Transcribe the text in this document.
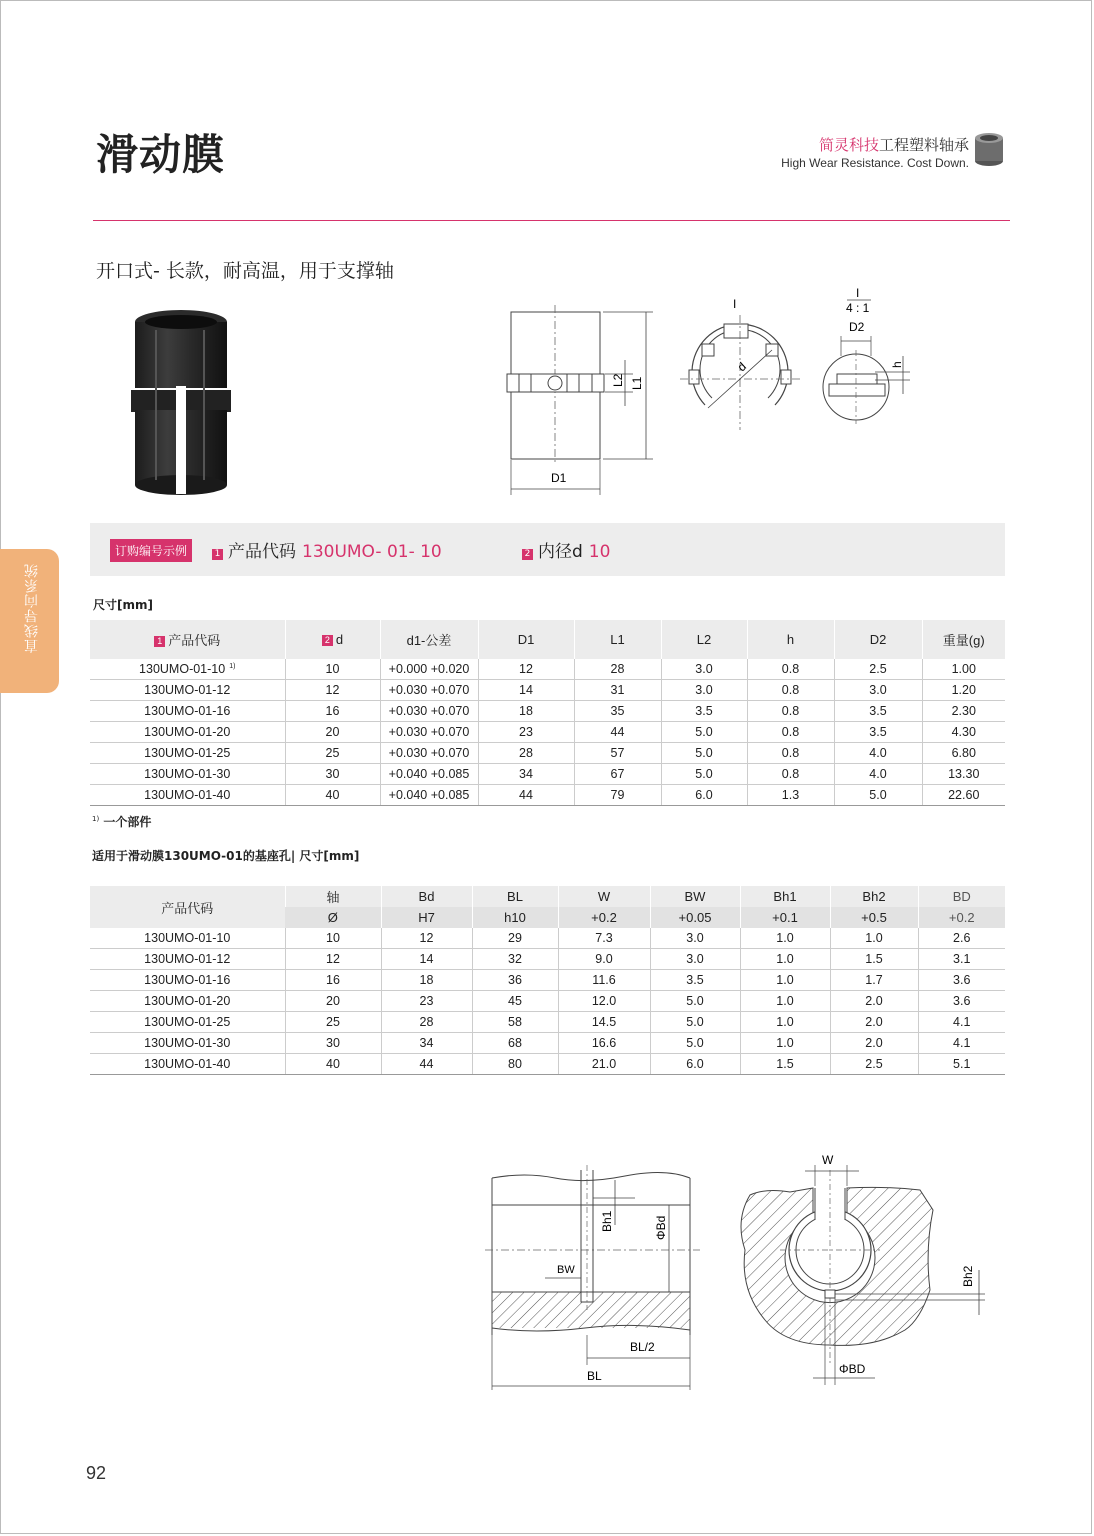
滑动膜	简灵科技工程塑料轴承
High Wear Resistance. Cost Down.
开口式- 长款，耐高温，用于支撑轴
直线导向系统
L2 L1
D1
I
d
I
4 : 1
D2
h
订购编号示例	1 产品代码 130UMO- 01- 10	2 内径d 10
尺寸[mm]
1 产品代码	2 d	d1-公差	D1	L1	L2	h	D2	重量(g)
130UMO-01-10 $^{1)}$	10	+0.000 +0.020	12	28	3.0	0.8	2.5	1.00
130UMO-01-12	12	+0.030 +0.070	14	31	3.0	0.8	3.0	1.20
130UMO-01-16	16	+0.030 +0.070	18	35	3.5	0.8	3.5	2.30
130UMO-01-20	20	+0.030 +0.070	23	44	5.0	0.8	3.5	4.30
130UMO-01-25	25	+0.030 +0.070	28	57	5.0	0.8	4.0	6.80
130UMO-01-30	30	+0.040 +0.085	34	67	5.0	0.8	4.0	13.30
130UMO-01-40	40	+0.040 +0.085	44	79	6.0	1.3	5.0	22.60
$^{1)}$ 一个部件
适用于滑动膜130UMO-01的基座孔| 尺寸[mm]
产品代码	轴	Bd	BL	W	BW	Bh1	Bh2	BD
	Ø	H7	h10	+0.2	+0.05	+0.1	+0.5	+0.2
130UMO-01-10	10	12	29	7.3	3.0	1.0	1.0	2.6
130UMO-01-12	12	14	32	9.0	3.0	1.0	1.5	3.1
130UMO-01-16	16	18	36	11.6	3.5	1.0	1.7	3.6
130UMO-01-20	20	23	45	12.0	5.0	1.0	2.0	3.6
130UMO-01-25	25	28	58	14.5	5.0	1.0	2.0	4.1
130UMO-01-30	30	34	68	16.6	5.0	1.0	2.0	4.1
130UMO-01-40	40	44	80	21.0	6.0	1.5	2.5	5.1
Bh1	ΦBd
BW
BL/2
BL
W
Bh2
ΦBD
92
